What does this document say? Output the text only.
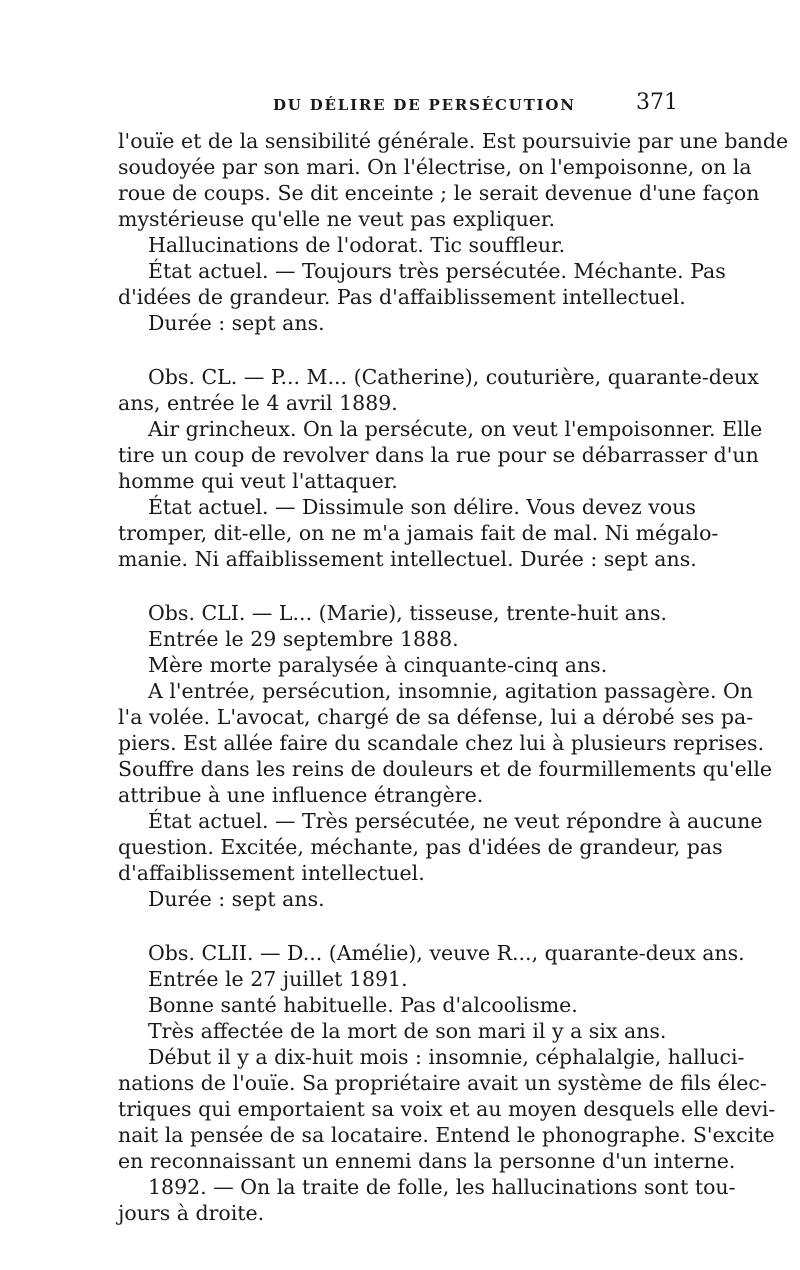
DU DÉLIRE DE PERSÉCUTION	371
l'ouïe et de la sensibilité générale. Est poursuivie par une bande
soudoyée par son mari. On l'électrise, on l'empoisonne, on la
roue de coups. Se dit enceinte ; le serait devenue d'une façon
mystérieuse qu'elle ne veut pas expliquer.
Hallucinations de l'odorat. Tic souffleur.
État actuel. — Toujours très persécutée. Méchante. Pas
d'idées de grandeur. Pas d'affaiblissement intellectuel.
Durée : sept ans.
Obs. CL. — P... M... (Catherine), couturière, quarante-deux
ans, entrée le 4 avril 1889.
Air grincheux. On la persécute, on veut l'empoisonner. Elle
tire un coup de revolver dans la rue pour se débarrasser d'un
homme qui veut l'attaquer.
État actuel. — Dissimule son délire. Vous devez vous
tromper, dit-elle, on ne m'a jamais fait de mal. Ni mégalo-
manie. Ni affaiblissement intellectuel. Durée : sept ans.
Obs. CLI. — L... (Marie), tisseuse, trente-huit ans.
Entrée le 29 septembre 1888.
Mère morte paralysée à cinquante-cinq ans.
A l'entrée, persécution, insomnie, agitation passagère. On
l'a volée. L'avocat, chargé de sa défense, lui a dérobé ses pa-
piers. Est allée faire du scandale chez lui à plusieurs reprises.
Souffre dans les reins de douleurs et de fourmillements qu'elle
attribue à une influence étrangère.
État actuel. — Très persécutée, ne veut répondre à aucune
question. Excitée, méchante, pas d'idées de grandeur, pas
d'affaiblissement intellectuel.
Durée : sept ans.
Obs. CLII. — D... (Amélie), veuve R..., quarante-deux ans.
Entrée le 27 juillet 1891.
Bonne santé habituelle. Pas d'alcoolisme.
Très affectée de la mort de son mari il y a six ans.
Début il y a dix-huit mois : insomnie, céphalalgie, halluci-
nations de l'ouïe. Sa propriétaire avait un système de fils élec-
triques qui emportaient sa voix et au moyen desquels elle devi-
nait la pensée de sa locataire. Entend le phonographe. S'excite
en reconnaissant un ennemi dans la personne d'un interne.
1892. — On la traite de folle, les hallucinations sont tou-
jours à droite.
